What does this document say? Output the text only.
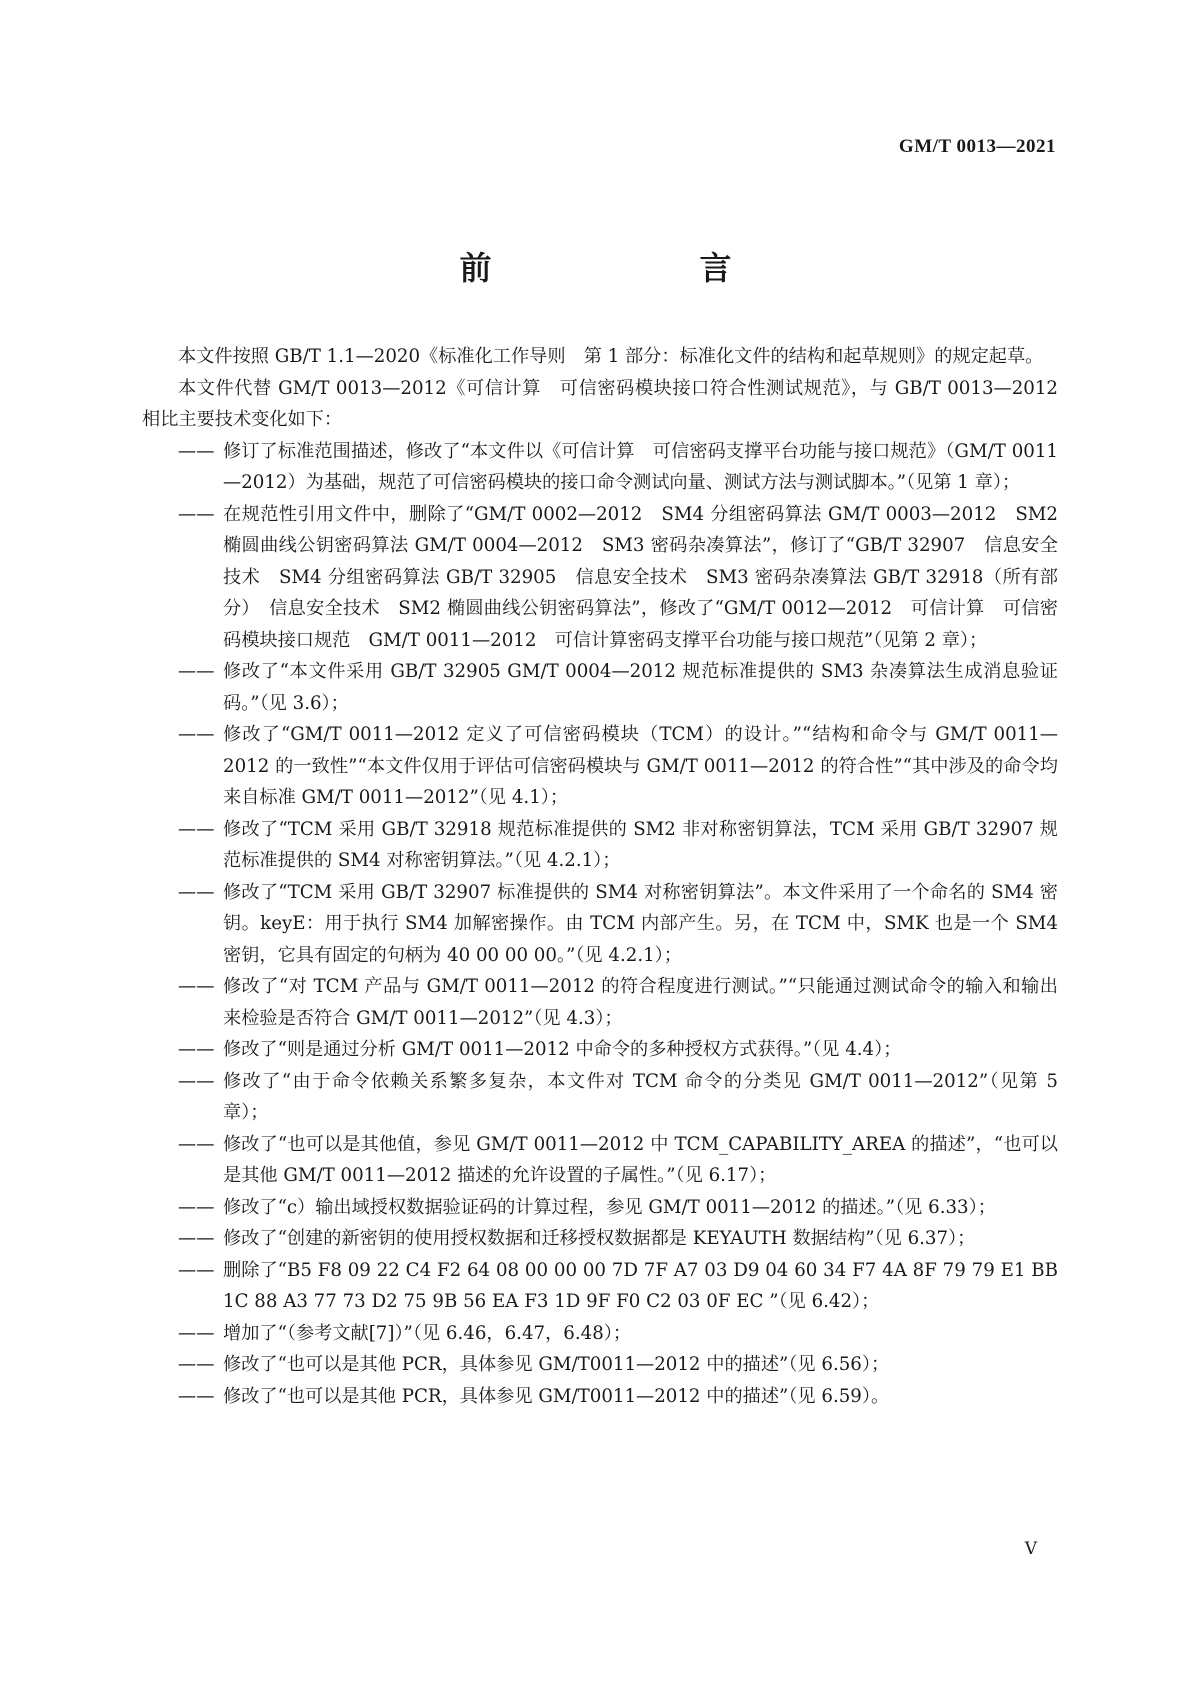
GM/T 0013—2021
前　　言

本文件按照 GB/T 1.1—2020《标准化工作导则　第 1 部分：标准化文件的结构和起草规则》的规定起草。

本文件代替 GM/T 0013—2012《可信计算　可信密码模块接口符合性测试规范》，与 GB/T 0013—2012 相比主要技术变化如下：

—— 修订了标准范围描述，修改了“本文件以《可信计算　可信密码支撑平台功能与接口规范》（GM/T 0011—2012）为基础，规范了可信密码模块的接口命令测试向量、测试方法与测试脚本。”（见第 1 章）；
—— 在规范性引用文件中，删除了“GM/T 0002—2012　SM4 分组密码算法 GM/T 0003—2012　SM2 椭圆曲线公钥密码算法 GM/T 0004—2012　SM3 密码杂凑算法”，修订了“GB/T 32907　信息安全技术　SM4 分组密码算法 GB/T 32905　信息安全技术　SM3 密码杂凑算法 GB/T 32918（所有部分）　信息安全技术　SM2 椭圆曲线公钥密码算法”，修改了“GM/T 0012—2012　可信计算　可信密码模块接口规范　GM/T 0011—2012　可信计算密码支撑平台功能与接口规范”（见第 2 章）；
—— 修改了“本文件采用 GB/T 32905 GM/T 0004—2012 规范标准提供的 SM3 杂凑算法生成消息验证码。”（见 3.6）；
—— 修改了“GM/T 0011—2012 定义了可信密码模块（TCM）的设计。”“结构和命令与 GM/T 0011—2012 的一致性”“本文件仅用于评估可信密码模块与 GM/T 0011—2012 的符合性”“其中涉及的命令均来自标准 GM/T 0011—2012”（见 4.1）；
—— 修改了“TCM 采用 GB/T 32918 规范标准提供的 SM2 非对称密钥算法，TCM 采用 GB/T 32907 规范标准提供的 SM4 对称密钥算法。”（见 4.2.1）；
—— 修改了“TCM 采用 GB/T 32907 标准提供的 SM4 对称密钥算法”。本文件采用了一个命名的 SM4 密钥。keyE：用于执行 SM4 加解密操作。由 TCM 内部产生。另，在 TCM 中，SMK 也是一个 SM4 密钥，它具有固定的句柄为 40 00 00 00。”（见 4.2.1）；
—— 修改了“对 TCM 产品与 GM/T 0011—2012 的符合程度进行测试。”“只能通过测试命令的输入和输出来检验是否符合 GM/T 0011—2012”（见 4.3）；
—— 修改了“则是通过分析 GM/T 0011—2012 中命令的多种授权方式获得。”（见 4.4）；
—— 修改了“由于命令依赖关系繁多复杂，本文件对 TCM 命令的分类见 GM/T 0011—2012”（见第 5 章）；
—— 修改了“也可以是其他值，参见 GM/T 0011—2012 中 TCM_CAPABILITY_AREA 的描述”，“也可以是其他 GM/T 0011—2012 描述的允许设置的子属性。”（见 6.17）；
—— 修改了“c）输出域授权数据验证码的计算过程，参见 GM/T 0011—2012 的描述。”（见 6.33）；
—— 修改了“创建的新密钥的使用授权数据和迁移授权数据都是 KEYAUTH 数据结构”（见 6.37）；
—— 删除了“B5 F8 09 22 C4 F2 64 08 00 00 00 7D 7F A7 03 D9 04 60 34 F7 4A 8F 79 79 E1 BB 1C 88 A3 77 73 D2 75 9B 56 EA F3 1D 9F F0 C2 03 0F EC ”（见 6.42）；
—— 增加了“（参考文献[7]）”（见 6.46，6.47，6.48）；
—— 修改了“也可以是其他 PCR，具体参见 GM/T0011—2012 中的描述”（见 6.56）；
—— 修改了“也可以是其他 PCR，具体参见 GM/T0011—2012 中的描述”（见 6.59）。
V
